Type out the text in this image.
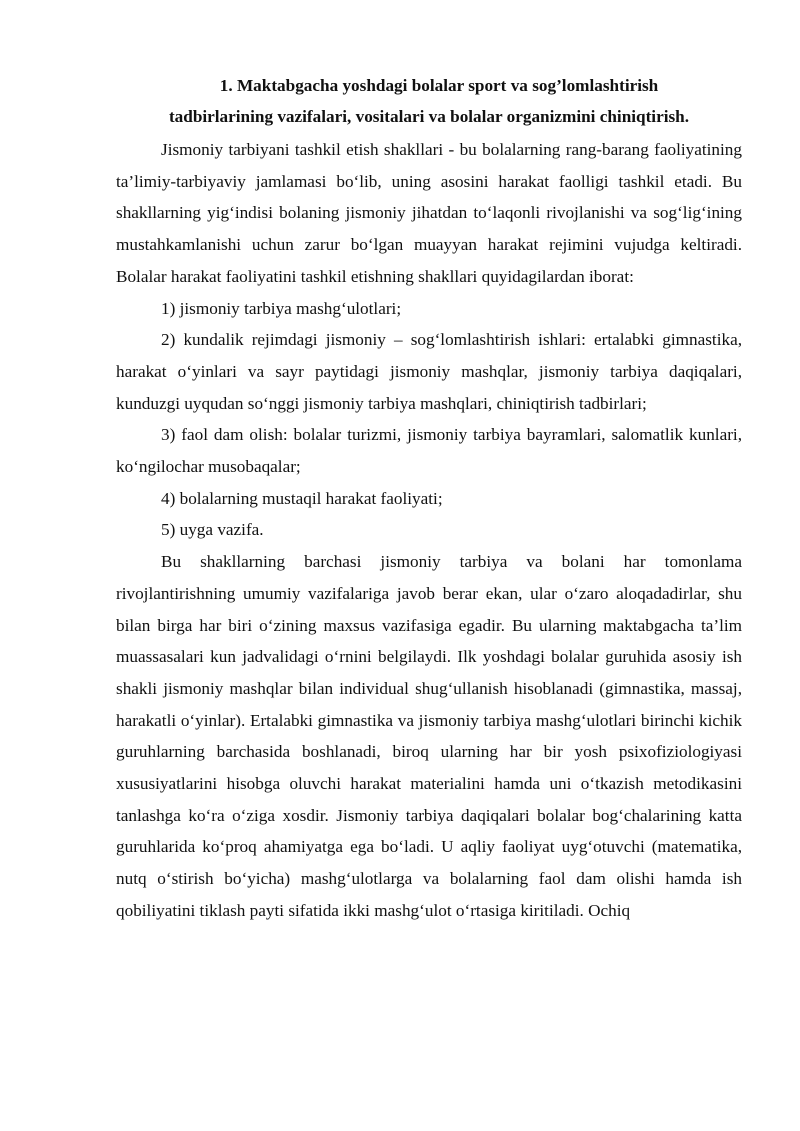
1. Maktabgacha yoshdagi bolalar sport va sog’lomlashtirish
tadbirlarining vazifalari, vositalari va bolalar organizmini chiniqtirish.

Jismoniy tarbiyani tashkil etish shakllari - bu bolalarning rang-barang faoliyatining ta’limiy-tarbiyaviy jamlamasi bo‘lib, uning asosini harakat faolligi tashkil etadi. Bu shakllarning yig‘indisi bolaning jismoniy jihatdan to‘laqonli rivojlanishi va sog‘lig‘ining mustahkamlanishi uchun zarur bo‘lgan muayyan harakat rejimini vujudga keltiradi. Bolalar harakat faoliyatini tashkil etishning shakllari quyidagilardan iborat:

1) jismoniy tarbiya mashg‘ulotlari;

2) kundalik rejimdagi jismoniy – sog‘lomlashtirish ishlari: ertalabki gimnastika, harakat o‘yinlari va sayr paytidagi jismoniy mashqlar, jismoniy tarbiya daqiqalari, kunduzgi uyqudan so‘nggi jismoniy tarbiya mashqlari, chiniqtirish tadbirlari;

3) faol dam olish: bolalar turizmi, jismoniy tarbiya bayramlari, salomatlik kunlari, ko‘ngilochar musobaqalar;

4) bolalarning mustaqil harakat faoliyati;

5) uyga vazifa.

Bu shakllarning barchasi jismoniy tarbiya va bolani har tomonlama rivojlantirishning umumiy vazifalariga javob berar ekan, ular o‘zaro aloqadadirlar, shu bilan birga har biri o‘zining maxsus vazifasiga egadir. Bu ularning maktabgacha ta’lim muassasalari kun jadvalidagi o‘rnini belgilaydi. Ilk yoshdagi bolalar guruhida asosiy ish shakli jismoniy mashqlar bilan individual shug‘ullanish hisoblanadi (gimnastika, massaj, harakatli o‘yinlar). Ertalabki gimnastika va jismoniy tarbiya mashg‘ulotlari birinchi kichik guruhlarning barchasida boshlanadi, biroq ularning har bir yosh psixofiziologiyasi xususiyatlarini hisobga oluvchi harakat materialini hamda uni o‘tkazish metodikasini tanlashga ko‘ra o‘ziga xosdir. Jismoniy tarbiya daqiqalari bolalar bog‘chalarining katta guruhlarida ko‘proq ahamiyatga ega bo‘ladi. U aqliy faoliyat uyg‘otuvchi (matematika, nutq o‘stirish bo‘yicha) mashg‘ulotlarga va bolalarning faol dam olishi hamda ish qobiliyatini tiklash payti sifatida ikki mashg‘ulot o‘rtasiga kiritiladi. Ochiq
